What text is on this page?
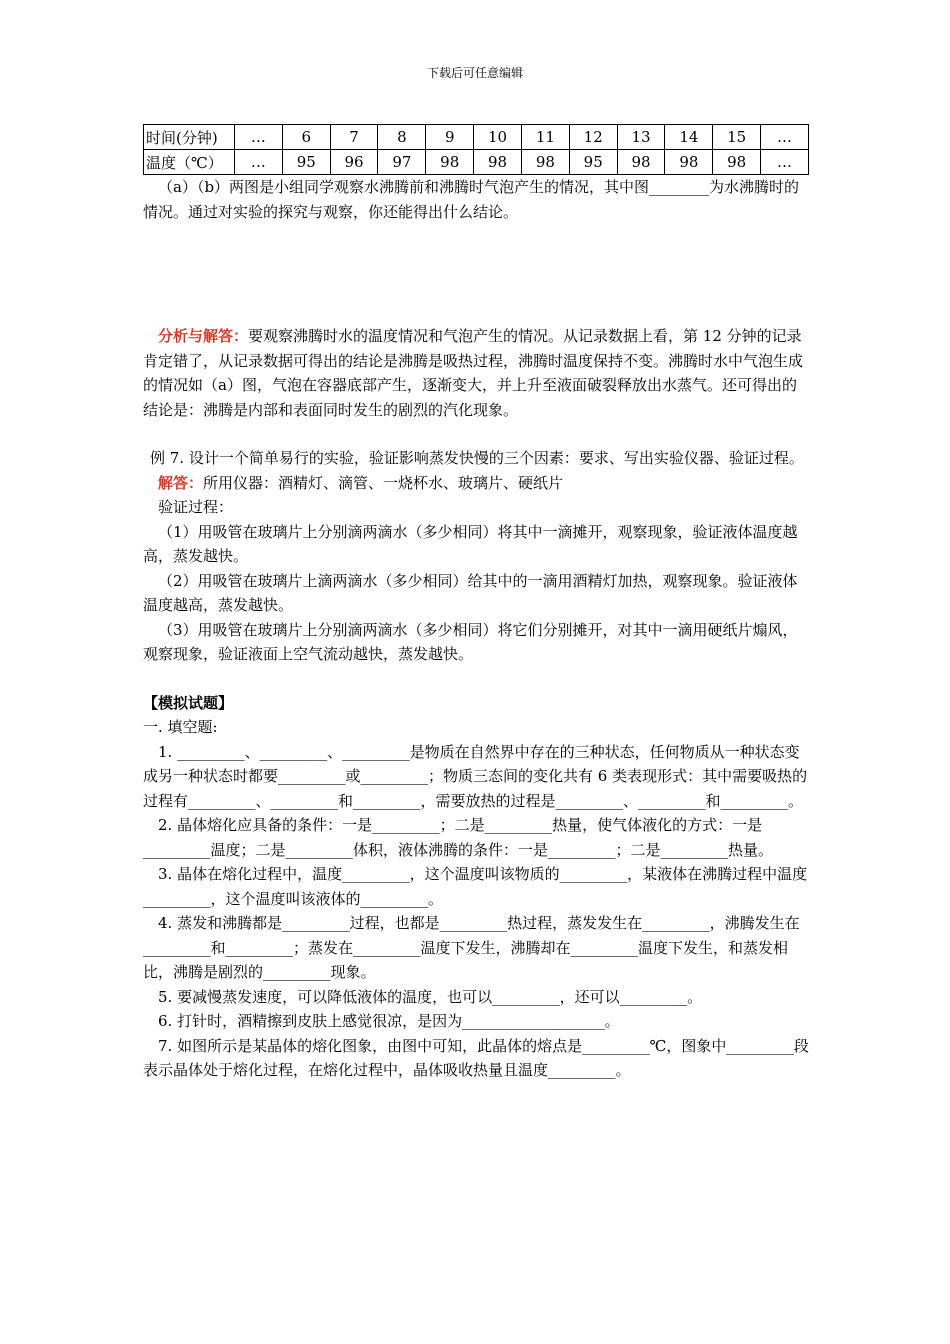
下载后可任意编辑
时间(分钟)	…	6	7	8	9	10	11	12	13	14	15	…
温度（℃）	…	95	96	97	98	98	98	95	98	98	98	…

（a）（b）两图是小组同学观察水沸腾前和沸腾时气泡产生的情况，其中图________为水沸腾时的情况。通过对实验的探究与观察，你还能得出什么结论。

分析与解答：要观察沸腾时水的温度情况和气泡产生的情况。从记录数据上看，第 12 分钟的记录肯定错了，从记录数据可得出的结论是沸腾是吸热过程，沸腾时温度保持不变。沸腾时水中气泡生成的情况如（a）图，气泡在容器底部产生，逐渐变大，并上升至液面破裂释放出水蒸气。还可得出的结论是：沸腾是内部和表面同时发生的剧烈的汽化现象。

例 7. 设计一个简单易行的实验，验证影响蒸发快慢的三个因素：要求、写出实验仪器、验证过程。

解答：所用仪器：酒精灯、滴管、一烧杯水、玻璃片、硬纸片

验证过程：

（1）用吸管在玻璃片上分别滴两滴水（多少相同）将其中一滴摊开，观察现象，验证液体温度越高，蒸发越快。

（2）用吸管在玻璃片上滴两滴水（多少相同）给其中的一滴用酒精灯加热，观察现象。验证液体温度越高，蒸发越快。

（3）用吸管在玻璃片上分别滴两滴水（多少相同）将它们分别摊开，对其中一滴用硬纸片煽风，观察现象，验证液面上空气流动越快，蒸发越快。

【模拟试题】

一. 填空题:

1. _________、_________、_________是物质在自然界中存在的三种状态，任何物质从一种状态变成另一种状态时都要_________或_________；物质三态间的变化共有 6 类表现形式：其中需要吸热的过程有_________、_________和_________，需要放热的过程是_________、_________和_________。

2. 晶体熔化应具备的条件：一是_________；二是_________热量，使气体液化的方式：一是_________温度；二是_________体积，液体沸腾的条件：一是_________；二是_________热量。

3. 晶体在熔化过程中，温度_________，这个温度叫该物质的_________，某液体在沸腾过程中温度_________，这个温度叫该液体的_________。

4. 蒸发和沸腾都是_________过程，也都是_________热过程，蒸发发生在_________，沸腾发生在_________和_________；蒸发在_________温度下发生，沸腾却在_________温度下发生，和蒸发相比，沸腾是剧烈的_________现象。

5. 要减慢蒸发速度，可以降低液体的温度，也可以_________，还可以_________。

6. 打针时，酒精擦到皮肤上感觉很凉，是因为___________________。

7. 如图所示是某晶体的熔化图象，由图中可知，此晶体的熔点是_________℃，图象中_________段表示晶体处于熔化过程，在熔化过程中，晶体吸收热量且温度_________。
